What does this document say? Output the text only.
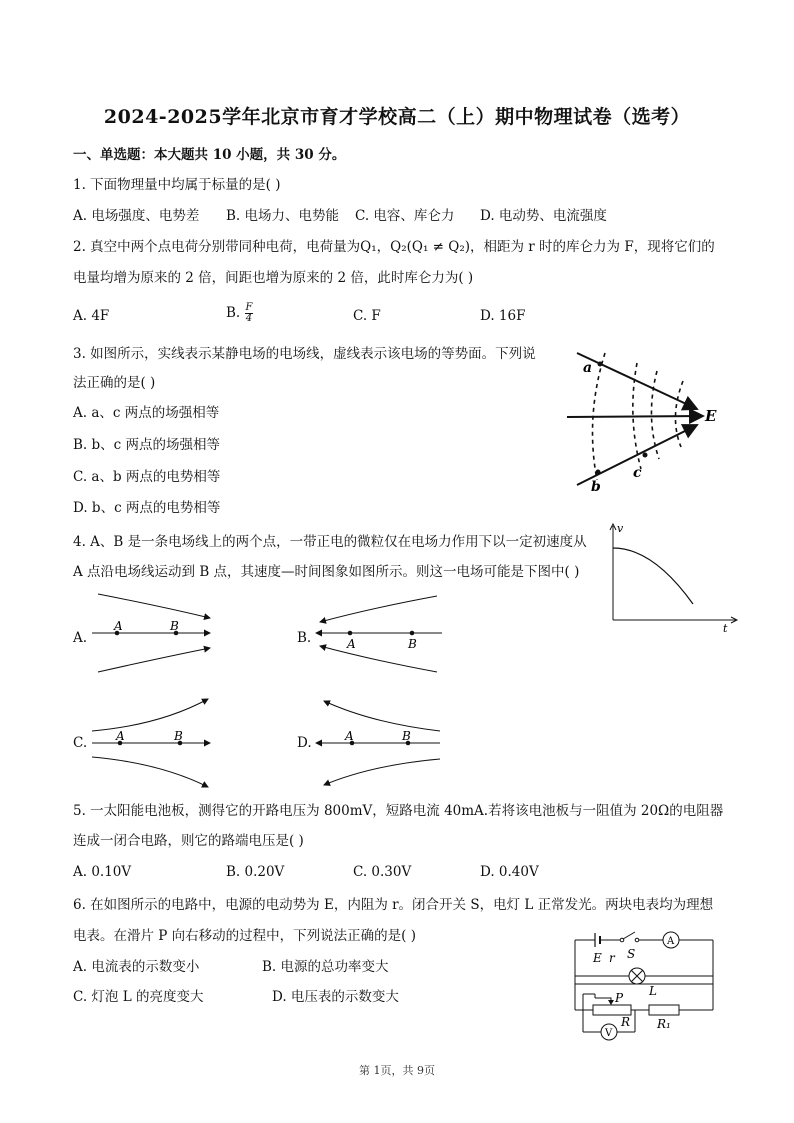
2024-2025学年北京市育才学校高二（上）期中物理试卷（选考）
一、单选题：本大题共 10 小题，共 30 分。
1. 下面物理量中均属于标量的是( )
A. 电场强度、电势差 B. 电场力、电势能 C. 电容、库仑力 D. 电动势、电流强度
2. 真空中两个点电荷分别带同种电荷，电荷量为Q₁，Q₂(Q₁ ≠ Q₂)，相距为 r 时的库仑力为 F，现将它们的
电量均增为原来的 2 倍，间距也增为原来的 2 倍，此时库仑力为( )
A. 4F	B. $\frac{F}{4}$	C. F	D. 16F
3. 如图所示，实线表示某静电场的电场线，虚线表示该电场的等势面。下列说
法正确的是( )
A. a、c 两点的场强相等
B. b、c 两点的场强相等
C. a、b 两点的电势相等
D. b、c 两点的电势相等
a
b
c
E
4. A、B 是一条电场线上的两个点，一带正电的微粒仅在电场力作用下以一定初速度从
A 点沿电场线运动到 B 点，其速度—时间图象如图所示。则这一电场可能是下图中( )
v
t
A.
A	B
B.	A	B
C. A	B	D.	A	B
5. 一太阳能电池板，测得它的开路电压为 800mV，短路电流 40mA.若将该电池板与一阻值为 20Ω的电阻器
连成一闭合电路，则它的路端电压是( )
A. 0.10V	B. 0.20V	C. 0.30V	D. 0.40V
6. 在如图所示的电路中，电源的电动势为 E，内阻为 r。闭合开关 S，电灯 L 正常发光。两块电表均为理想
电表。在滑片 P 向右移动的过程中，下列说法正确的是( )
A. 电流表的示数变小	B. 电源的总功率变大
C. 灯泡 L 的亮度变大	D. 电压表的示数变大
A
E r S
L
P
R R₁
V
第 1页，共 9页
